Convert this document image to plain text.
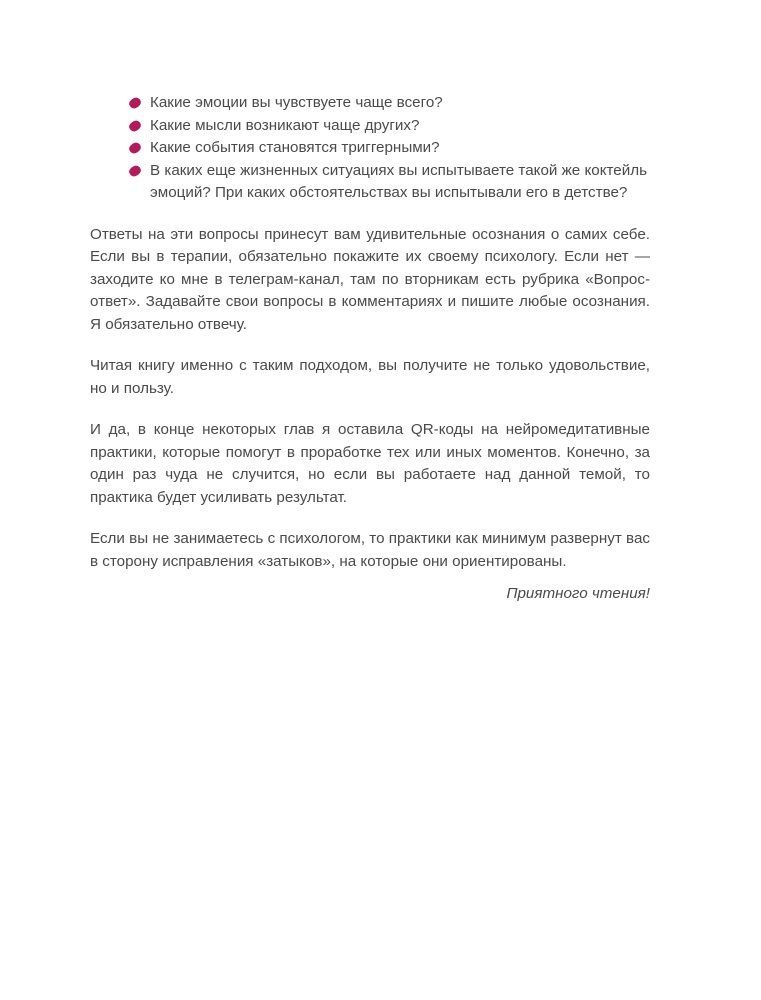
Какие эмоции вы чувствуете чаще всего?
Какие мысли возникают чаще других?
Какие события становятся триггерными?
В каких еще жизненных ситуациях вы испытываете такой же коктейль эмоций? При каких обстоятельствах вы испытывали его в детстве?

Ответы на эти вопросы принесут вам удивительные осознания о самих себе. Если вы в терапии, обязательно покажите их своему психологу. Если нет — заходите ко мне в телеграм-канал, там по вторникам есть рубрика «Вопрос-ответ». Задавайте свои вопросы в комментариях и пишите любые осознания. Я обязательно отвечу.

Читая книгу именно с таким подходом, вы получите не только удовольствие, но и пользу.

И да, в конце некоторых глав я оставила QR-коды на нейромедитативные практики, которые помогут в проработке тех или иных моментов. Конечно, за один раз чуда не случится, но если вы работаете над данной темой, то практика будет усиливать результат.

Если вы не занимаетесь с психологом, то практики как минимум развернут вас в сторону исправления «затыков», на которые они ориентированы.

Приятного чтения!
